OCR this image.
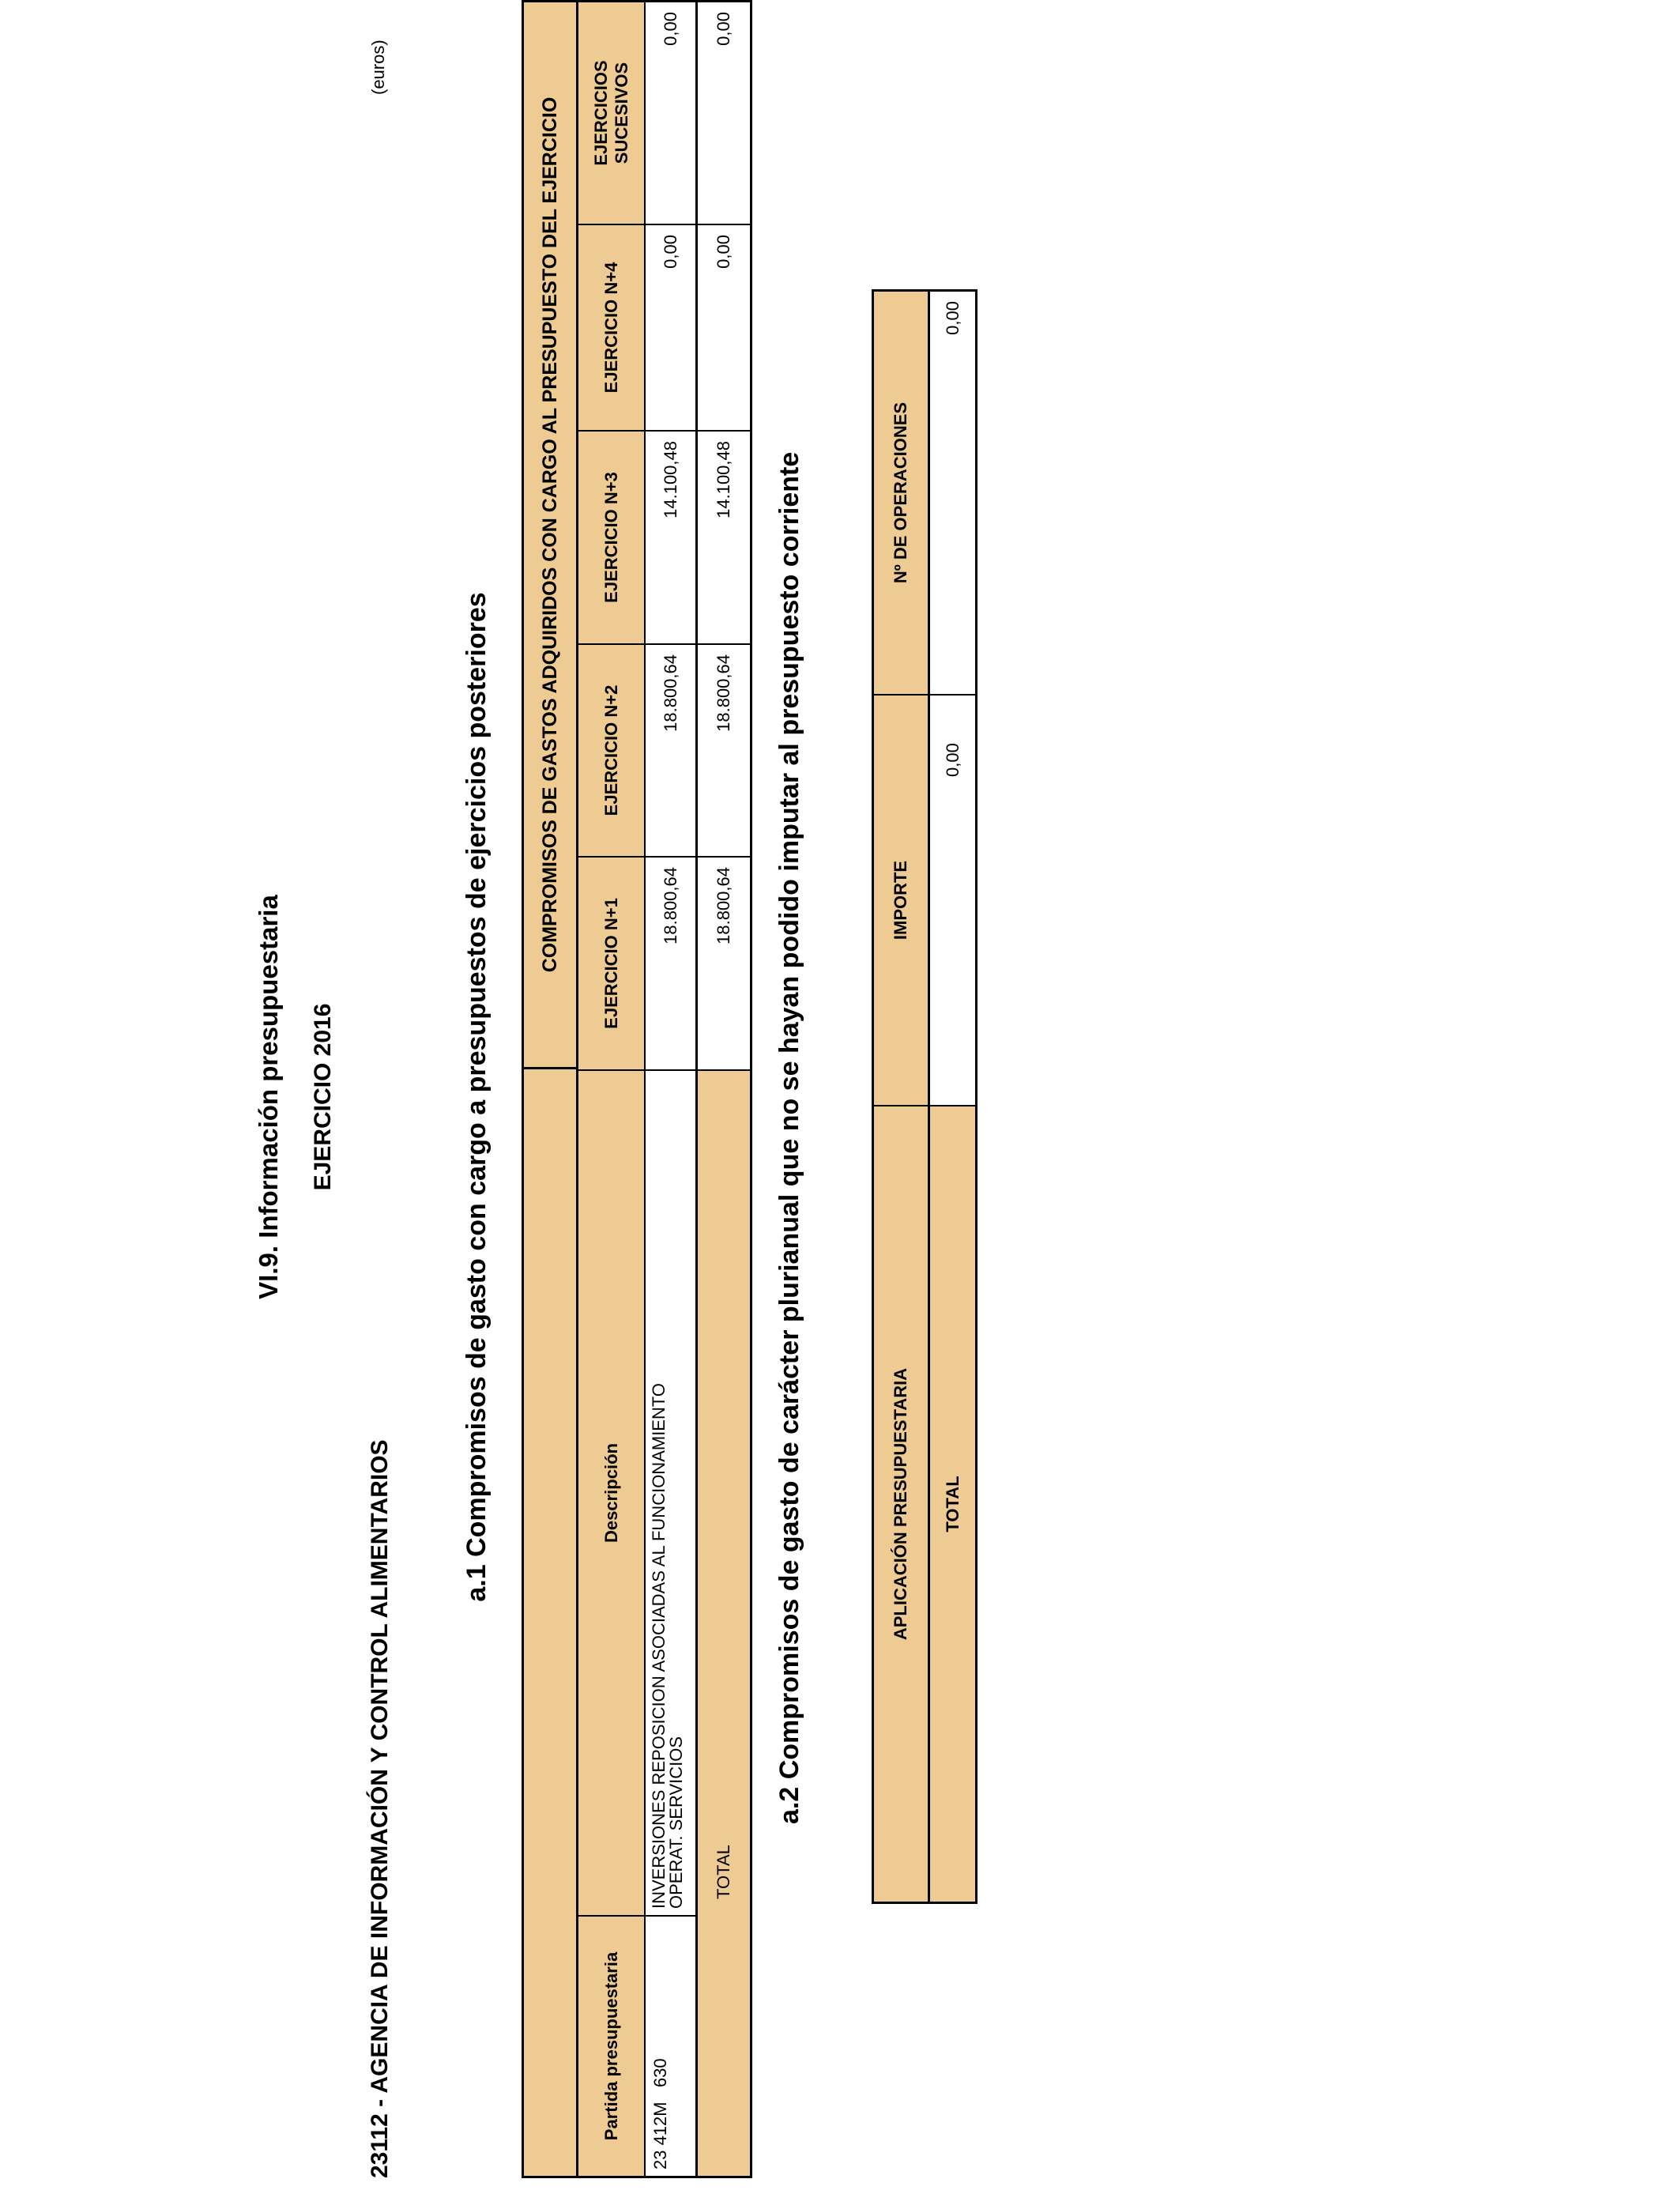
VI.9. Información presupuestaria EJERCICIO 2016
23112 - AGENCIA DE INFORMACIÓN Y CONTROL ALIMENTARIOS
(euros)
a.1 Compromisos de gasto con cargo a presupuestos de ejercicios posteriores
COMPROMISOS DE GASTOS ADQUIRIDOS CON CARGO AL PRESUPUESTO DEL EJERCICIO
Partida presupuestaria
Descripción
EJERCICIO N+1
EJERCICIO N+2
EJERCICIO N+3
EJERCICIO N+4
EJERCICIOS SUCESIVOS
23 412M   630
INVERSIONES REPOSICION ASOCIADAS AL FUNCIONAMIENTO OPERAT. SERVICIOS
18.800,64
18.800,64
14.100,48
0,00
0,00
TOTAL
18.800,64
18.800,64
14.100,48
0,00
0,00
a.2 Compromisos de gasto de carácter plurianual que no se hayan podido imputar al presupuesto corriente	APLICACIÓN PRESUPUESTARIA
IMPORTE
Nº DE OPERACIONES
TOTAL
0,00
0,00
